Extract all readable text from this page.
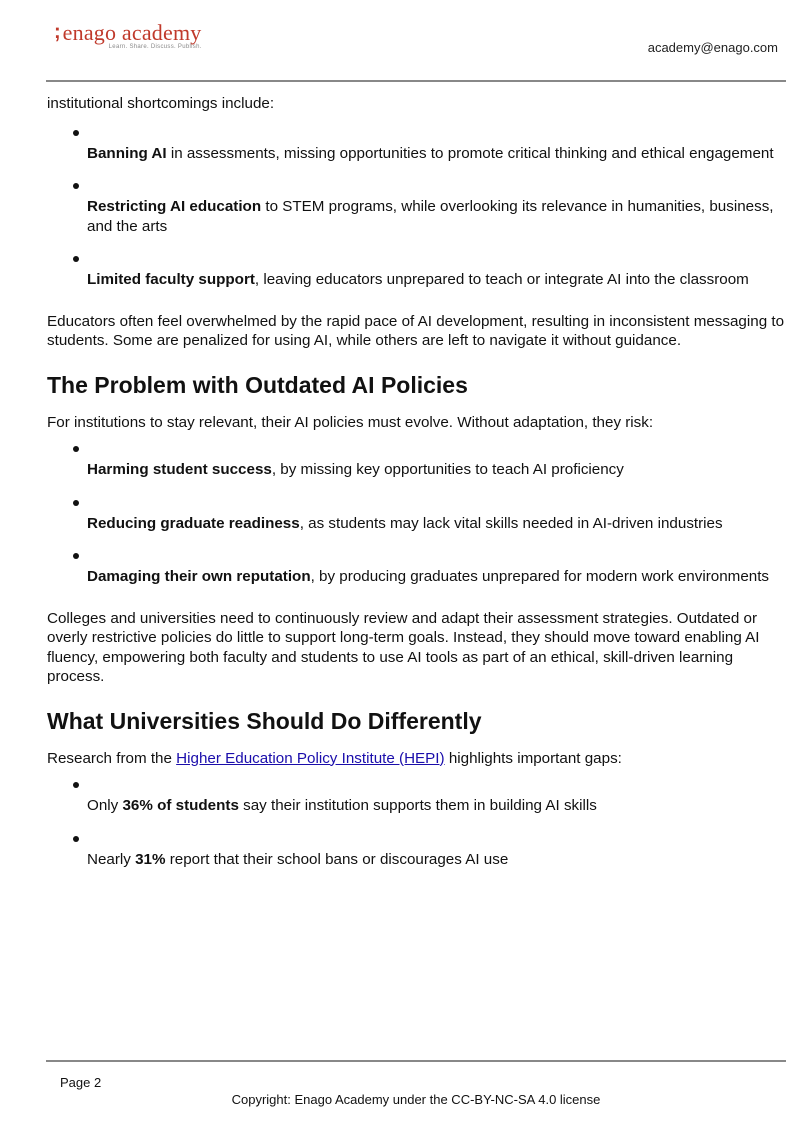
; enago academy
Learn. Share. Discuss. Publish.	academy@enago.com

institutional shortcomings include:

Banning AI in assessments, missing opportunities to promote critical thinking and ethical engagement
Restricting AI education to STEM programs, while overlooking its relevance in humanities, business, and the arts
Limited faculty support, leaving educators unprepared to teach or integrate AI into the classroom

Educators often feel overwhelmed by the rapid pace of AI development, resulting in inconsistent messaging to students. Some are penalized for using AI, while others are left to navigate it without guidance.

The Problem with Outdated AI Policies

For institutions to stay relevant, their AI policies must evolve. Without adaptation, they risk:

Harming student success, by missing key opportunities to teach AI proficiency
Reducing graduate readiness, as students may lack vital skills needed in AI-driven industries
Damaging their own reputation, by producing graduates unprepared for modern work environments

Colleges and universities need to continuously review and adapt their assessment strategies. Outdated or overly restrictive policies do little to support long-term goals. Instead, they should move toward enabling AI fluency, empowering both faculty and students to use AI tools as part of an ethical, skill-driven learning process.

What Universities Should Do Differently

Research from the Higher Education Policy Institute (HEPI) highlights important gaps:

Only 36% of students say their institution supports them in building AI skills
Nearly 31% report that their school bans or discourages AI use
Page 2
Copyright: Enago Academy under the CC-BY-NC-SA 4.0 license
